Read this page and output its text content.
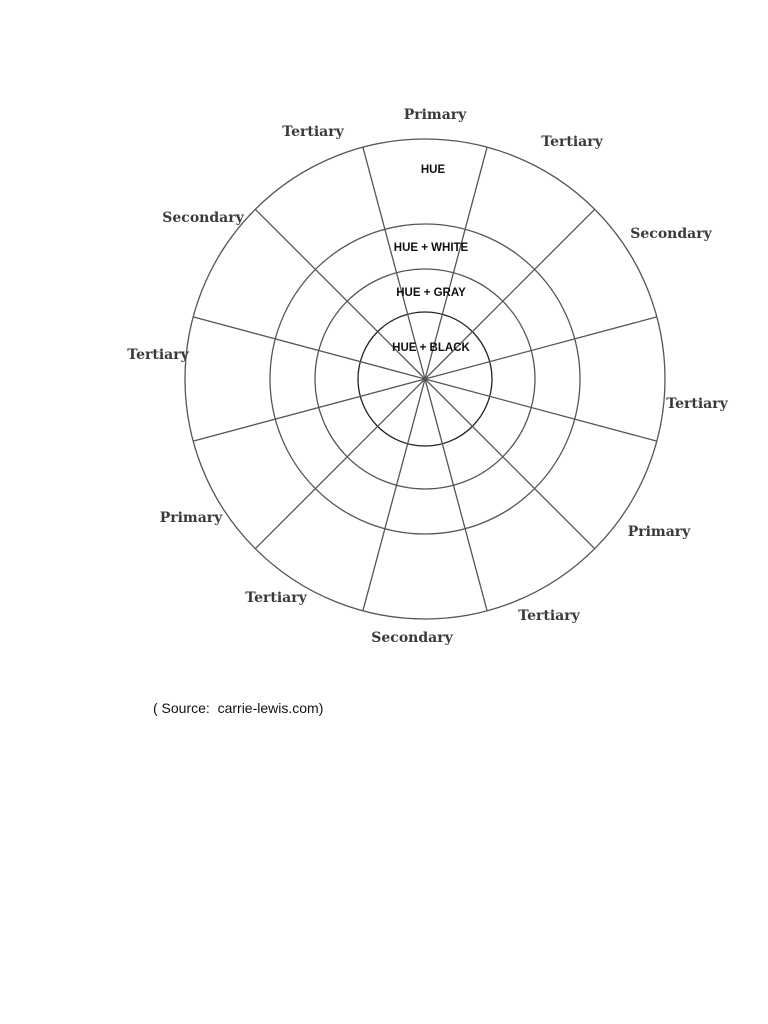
Primary
Tertiary
Secondary
Tertiary
Primary
Tertiary
Secondary
Tertiary
Primary
Tertiary
Secondary
Tertiary
HUE
HUE + WHITE
HUE + GRAY
HUE + BLACK
( Source:  carrie-lewis.com)
